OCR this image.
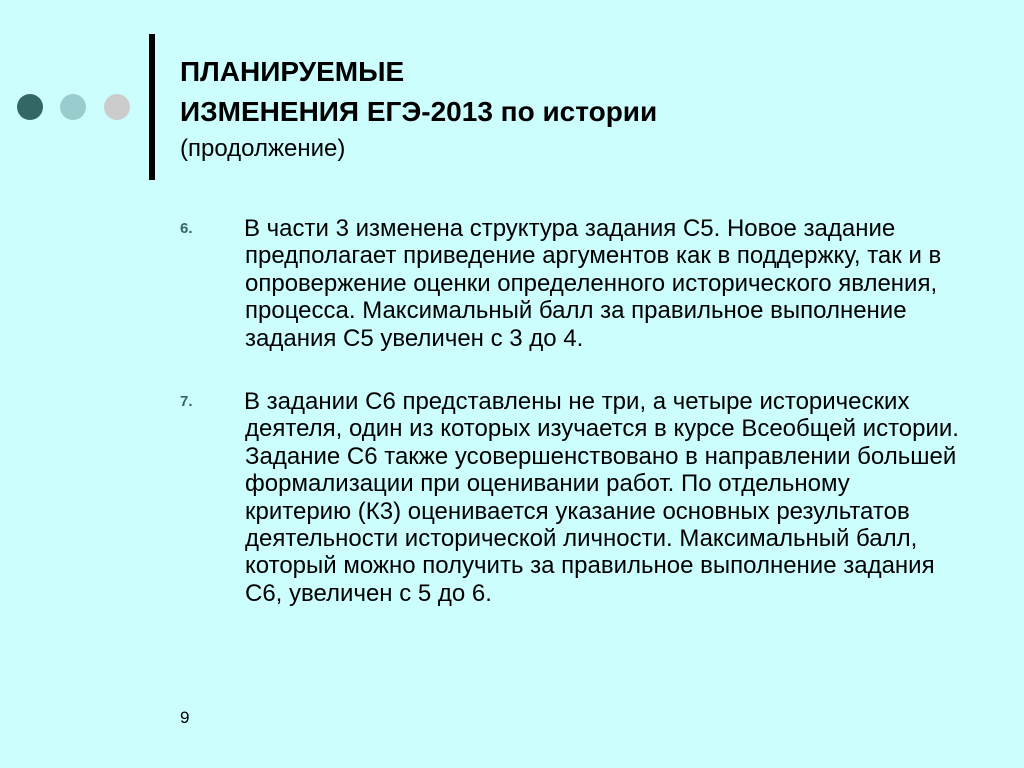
ПЛАНИРУЕМЫЕ
ИЗМЕНЕНИЯ ЕГЭ-2013 по истории
(продолжение)
6. В части 3 изменена структура задания С5. Новое задание предполагает приведение аргументов как в поддержку, так и в опровержение оценки определенного исторического явления, процесса. Максимальный балл за правильное выполнение задания С5 увеличен с 3 до 4.
7. В задании С6 представлены не три, а четыре исторических деятеля, один из которых изучается в курсе Всеобщей истории. Задание С6 также усовершенствовано в направлении большей формализации при оценивании работ. По отдельному критерию (К3) оценивается указание основных результатов деятельности исторической личности. Максимальный балл, который можно получить за правильное выполнение задания С6, увеличен с 5 до 6.
9
